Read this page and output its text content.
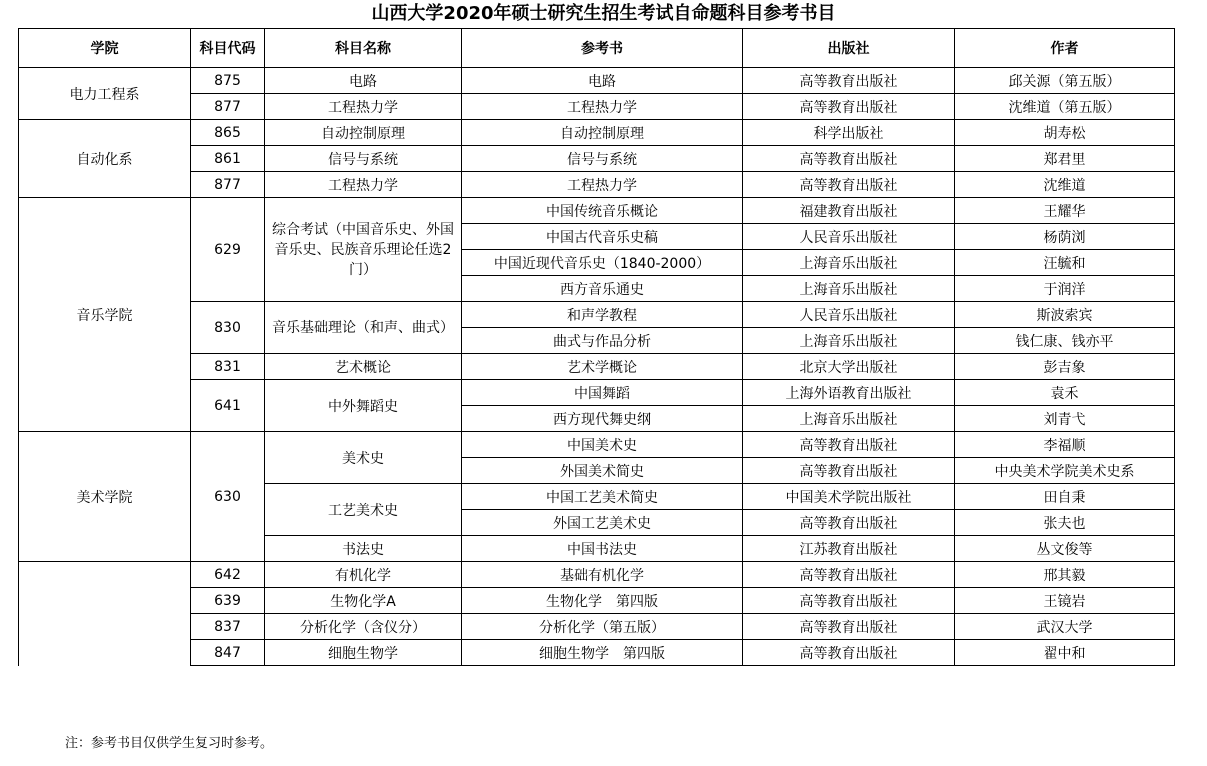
山西大学2020年硕士研究生招生考试自命题科目参考书目
学院	科目代码	科目名称	参考书	出版社	作者
电力工程系	875	电路	电路	高等教育出版社	邱关源（第五版）
	877	工程热力学	工程热力学	高等教育出版社	沈维道（第五版）
自动化系	865	自动控制原理	自动控制原理	科学出版社	胡寿松
	861	信号与系统	信号与系统	高等教育出版社	郑君里
	877	工程热力学	工程热力学	高等教育出版社	沈维道
音乐学院	629	综合考试（中国音乐史、外国音乐史、民族音乐理论任选2门）	中国传统音乐概论	福建教育出版社	王耀华
			中国古代音乐史稿	人民音乐出版社	杨荫浏
			中国近现代音乐史（1840-2000）	上海音乐出版社	汪毓和
			西方音乐通史	上海音乐出版社	于润洋
	830	音乐基础理论（和声、曲式）	和声学教程	人民音乐出版社	斯波索宾
			曲式与作品分析	上海音乐出版社	钱仁康、钱亦平
	831	艺术概论	艺术学概论	北京大学出版社	彭吉象
	641	中外舞蹈史	中国舞蹈	上海外语教育出版社	袁禾
			西方现代舞史纲	上海音乐出版社	刘青弋
美术学院	630	美术史	中国美术史	高等教育出版社	李福顺
			外国美术简史	高等教育出版社	中央美术学院美术史系
		工艺美术史	中国工艺美术简史	中国美术学院出版社	田自秉
			外国工艺美术史	高等教育出版社	张夫也
		书法史	中国书法史	江苏教育出版社	丛文俊等
	642	有机化学	基础有机化学	高等教育出版社	邢其毅
	639	生物化学A	生物化学　第四版	高等教育出版社	王镜岩
	837	分析化学（含仪分）	分析化学（第五版）	高等教育出版社	武汉大学
	847	细胞生物学	细胞生物学　第四版	高等教育出版社	翟中和
注：参考书目仅供学生复习时参考。
